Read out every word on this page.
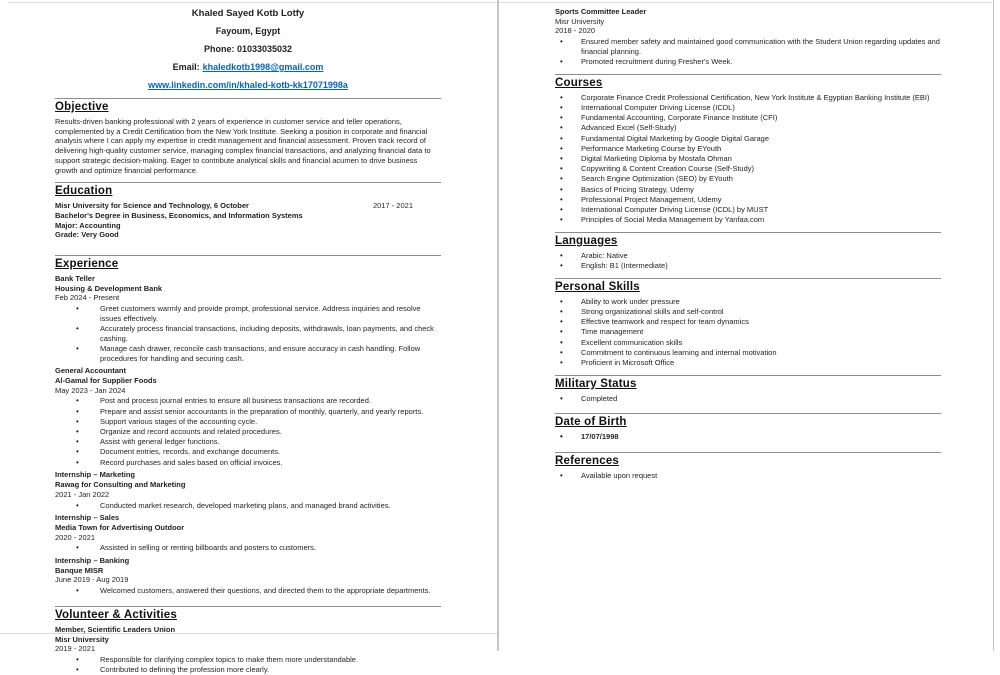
Khaled Sayed Kotb Lotfy
Fayoum, Egypt
Phone: 01033035032
Email: khaledkotb1998@gmail.com
www.linkedin.com/in/khaled-kotb-kk17071998a
Objective

Results-driven banking professional with 2 years of experience in customer service and teller operations, complemented by a Credit Certification from the New York Institute. Seeking a position in corporate and financial analysis where I can apply my expertise in credit management and financial assessment. Proven track record of delivering high-quality customer service, managing complex financial transactions, and analyzing financial data to support strategic decision-making. Eager to contribute analytical skills and financial acumen to drive business growth and optimize financial performance.

Education
Misr University for Science and Technology, 6 October	2017 - 2021
Bachelor's Degree in Business, Economics, and Information Systems
Major: Accounting
Grade: Very Good
Experience
Bank Teller
Housing & Development Bank
Feb 2024 - Present
• Greet customers warmly and provide prompt, professional service. Address inquiries and resolve issues effectively.
• Accurately process financial transactions, including deposits, withdrawals, loan payments, and check cashing.
• Manage cash drawer, reconcile cash transactions, and ensure accuracy in cash handling. Follow procedures for handling and securing cash.
General Accountant
Al-Gamal for Supplier Foods
May 2023 - Jan 2024
• Post and process journal entries to ensure all business transactions are recorded.
• Prepare and assist senior accountants in the preparation of monthly, quarterly, and yearly reports.
• Support various stages of the accounting cycle.
• Organize and record accounts and related procedures.
• Assist with general ledger functions.
• Document entries, records, and exchange documents.
• Record purchases and sales based on official invoices.
Internship – Marketing
Rawag for Consulting and Marketing
2021 - Jan 2022
• Conducted market research, developed marketing plans, and managed brand activities.
Internship – Sales
Media Town for Advertising Outdoor
2020 - 2021
• Assisted in selling or renting billboards and posters to customers.
Internship – Banking
Banque MISR
June 2019 - Aug 2019
• Welcomed customers, answered their questions, and directed them to the appropriate departments.
Volunteer & Activities
Member, Scientific Leaders Union
Misr University
2019 - 2021
• Responsible for clarifying complex topics to make them more understandable.
• Contributed to defining the profession more clearly.
Sports Committee Leader
Misr University
2018 - 2020
• Ensured member safety and maintained good communication with the Student Union regarding updates and financial planning.
• Promoted recruitment during Fresher's Week.
Courses
• Corporate Finance Credit Professional Certification, New York Institute & Egyptian Banking Institute (EBI)
• International Computer Driving License (ICDL)
• Fundamental Accounting, Corporate Finance Institute (CFI)
• Advanced Excel (Self-Study)
• Fundamental Digital Marketing by Google Digital Garage
• Performance Marketing Course by EYouth
• Digital Marketing Diploma by Mostafa Ohman
• Copywriting & Content Creation Course (Self-Study)
• Search Engine Optimization (SEO) by EYouth
• Basics of Pricing Strategy, Udemy
• Professional Project Management, Udemy
• International Computer Driving License (ICDL) by MUST
• Principles of Social Media Management by Yanfaa.com
Languages
• Arabic: Native
• English: B1 (Intermediate)
Personal Skills
• Ability to work under pressure
• Strong organizational skills and self-control
• Effective teamwork and respect for team dynamics
• Time management
• Excellent communication skills
• Commitment to continuous learning and internal motivation
• Proficient in Microsoft Office
Military Status
• Completed
Date of Birth
• 17/07/1998
References
• Available upon request
